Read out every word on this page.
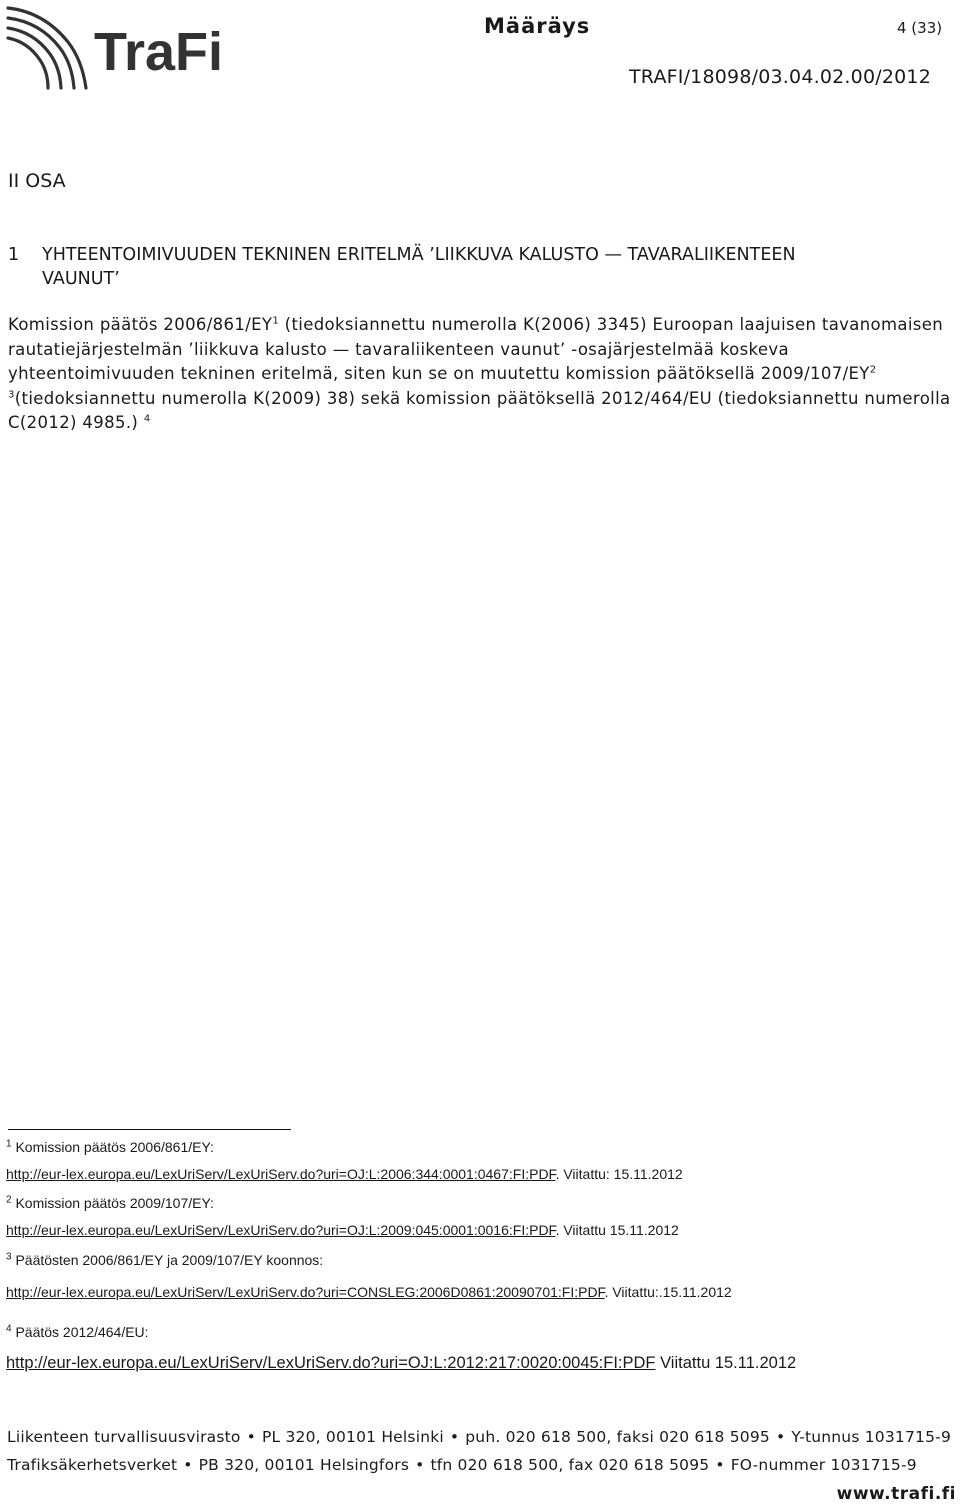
TraFi	Määräys	4 (33)
TRAFI/18098/03.04.02.00/2012
II OSA
1 YHTEENTOIMIVUUDEN TEKNINEN ERITELMÄ ’LIIKKUVA KALUSTO — TAVARALIIKENTEEN
VAUNUT’
Komission päätös $2006/861/EY^1$ (tiedoksiannettu numerolla K(2006) 3345) Euroopan laajuisen tavanomaisen rautatiejärjestelmän ’liikkuva kalusto — tavaraliikenteen vaunut’ -osajärjestelmää koskeva yhteentoimivuuden tekninen eritelmä, siten kun se on muutettu komission päätöksellä $2009/107/EY^2$ $^3$(tiedoksiannettu numerolla K(2009) 38) sekä komission päätöksellä 2012/464/EU (tiedoksiannettu numerolla C(2012) 4985.) $^4$
$^1$ Komission päätös 2006/861/EY:
http://eur-lex.europa.eu/LexUriServ/LexUriServ.do?uri=OJ:L:2006:344:0001:0467:FI:PDF. Viitattu: 15.11.2012
$^2$ Komission päätös 2009/107/EY:
http://eur-lex.europa.eu/LexUriServ/LexUriServ.do?uri=OJ:L:2009:045:0001:0016:FI:PDF. Viitattu 15.11.2012
$^3$ Päätösten 2006/861/EY ja 2009/107/EY koonnos:
http://eur-lex.europa.eu/LexUriServ/LexUriServ.do?uri=CONSLEG:2006D0861:20090701:FI:PDF. Viitattu:.15.11.2012
$^4$ Päätös 2012/464/EU:
http://eur-lex.europa.eu/LexUriServ/LexUriServ.do?uri=OJ:L:2012:217:0020:0045:FI:PDF Viitattu 15.11.2012
Liikenteen turvallisuusvirasto • PL 320, 00101 Helsinki • puh. 020 618 500, faksi 020 618 5095 • Y-tunnus 1031715-9
Trafiksäkerhetsverket • PB 320, 00101 Helsingfors • tfn 020 618 500, fax 020 618 5095 • FO-nummer 1031715-9
www.trafi.fi
